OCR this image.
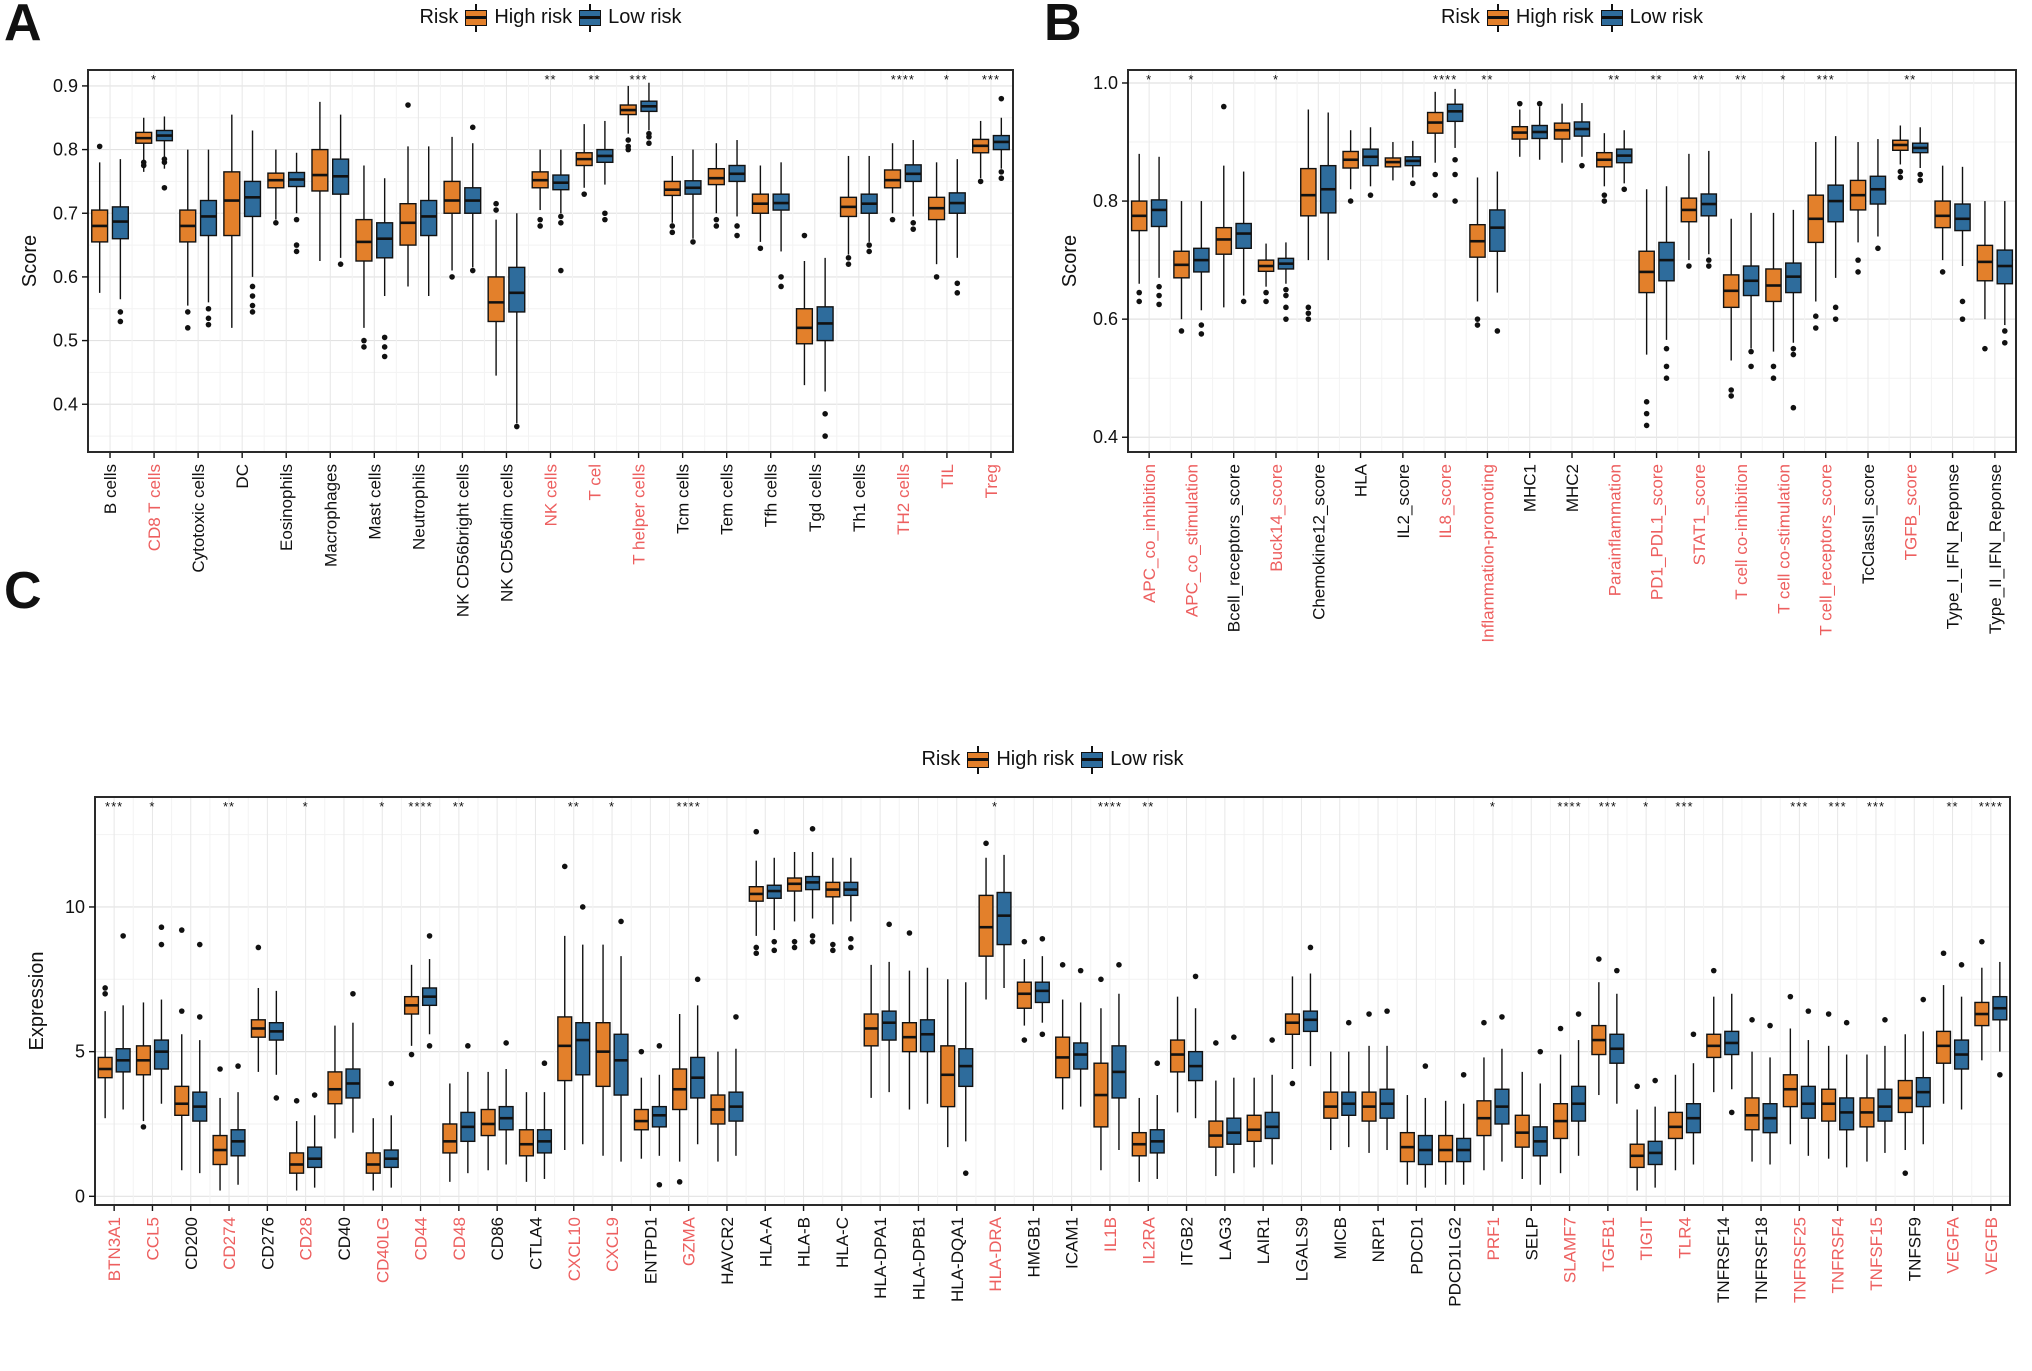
A	Risk High risk Low risk
B cells
*
CD8 T cells Cytotoxic cells DC Eosinophils Macrophages Mast cells Neutrophils NK CD56bright cells NK CD56dim cells
**
NK cells
**
T cel
***
T helper cells Tcm cells Tem cells Tfh cells Tgd cells Th1 cells
****
TH2 cells
*
TIL
***
Treg
0.4
0.5
0.6
0.7
0.8
0.9
Score
B	Risk High risk Low risk
*
APC_co_inhibition
*
APC_co_stimulation Bcell_receptors_score
*
Buck14_score Chemokine12_score HLA IL2_score
****
IL8_score
**
Inflammation-promoting MHC1 MHC2
**
Parainflammation
**
PD1_PDL1_score
**
STAT1_score
**
T cell co-inhibition
*
T cell co-stimulation
***
T cell_receptors_score TcClassII_score
**
TGFB_score Type_I_IFN_Reponse Type_II_IFN_Reponse
0.4
0.6
0.8
1.0
Score
C
Risk High risk Low risk
***
BTN3A1
*
CCL5 CD200
**
CD274 CD276
*
CD28 CD40
*
CD40LG
****
CD44
**
CD48 CD86 CTLA4
**
CXCL10
*
CXCL9 ENTPD1
****
GZMA HAVCR2 HLA-A HLA-B HLA-C HLA-DPA1 HLA-DPB1 HLA-DQA1
*
HLA-DRA HMGB1 ICAM1
****
IL1B
**
IL2RA ITGB2 LAG3 LAIR1 LGALS9 MICB NRP1 PDCD1 PDCD1LG2
*
PRF1 SELP
****
SLAMF7
***
TGFB1
*
TIGIT
***
TLR4 TNFRSF14 TNFRSF18
***
TNFRSF25
***
TNFRSF4
***
TNFSF15 TNFSF9
**
VEGFA
****
VEGFB
0
5
10
Expression
